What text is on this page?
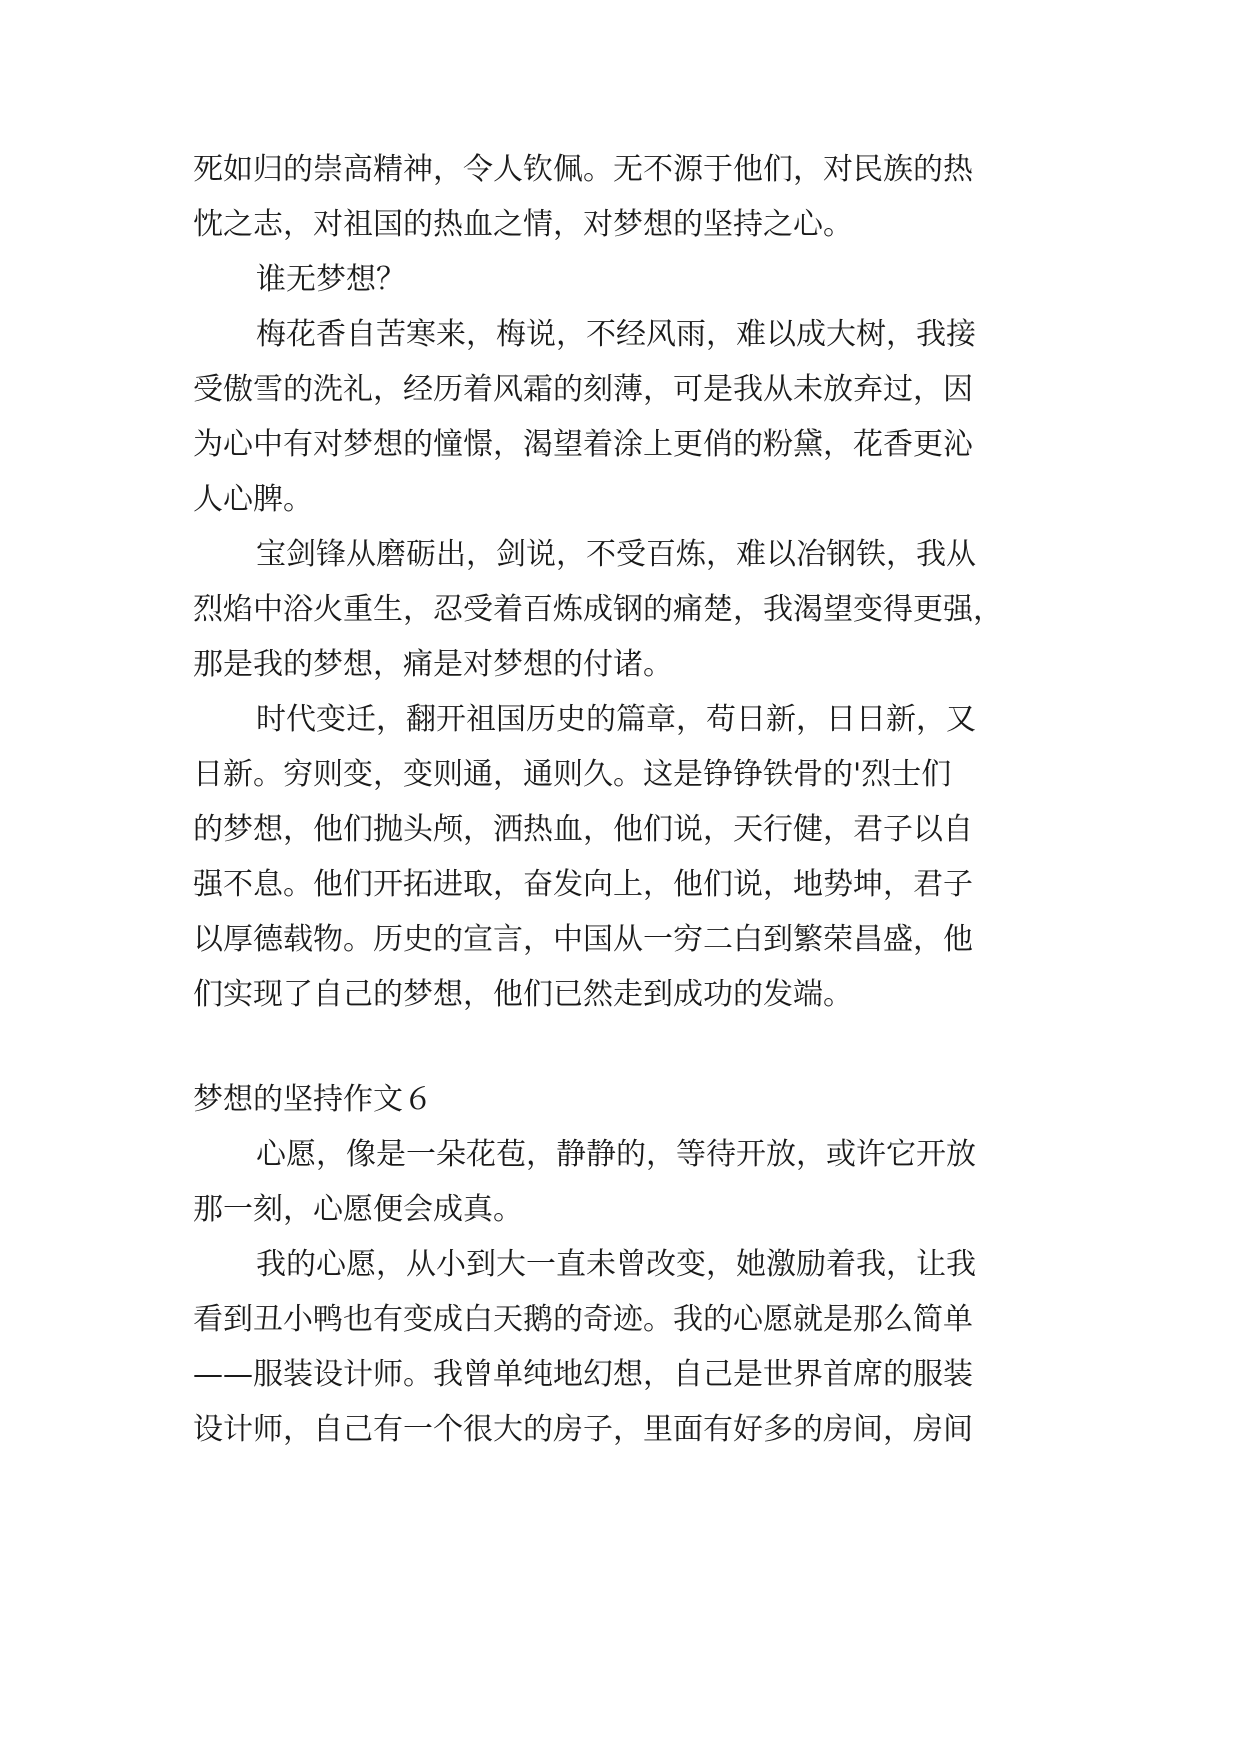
死如归的崇高精神，令人钦佩。无不源于他们，对民族的热

忱之志，对祖国的热血之情，对梦想的坚持之心。

谁无梦想？

梅花香自苦寒来，梅说，不经风雨，难以成大树，我接

受傲雪的洗礼，经历着风霜的刻薄，可是我从未放弃过，因

为心中有对梦想的憧憬，渴望着涂上更俏的粉黛，花香更沁

人心脾。

宝剑锋从磨砺出，剑说，不受百炼，难以冶钢铁，我从

烈焰中浴火重生，忍受着百炼成钢的痛楚，我渴望变得更强，

那是我的梦想，痛是对梦想的付诸。

时代变迁，翻开祖国历史的篇章，苟日新，日日新，又

日新。穷则变，变则通，通则久。这是铮铮铁骨的'烈士们

的梦想，他们抛头颅，洒热血，他们说，天行健，君子以自

强不息。他们开拓进取，奋发向上，他们说，地势坤，君子

以厚德载物。历史的宣言，中国从一穷二白到繁荣昌盛，他

们实现了自己的梦想，他们已然走到成功的发端。

梦想的坚持作文６

心愿，像是一朵花苞，静静的，等待开放，或许它开放

那一刻，心愿便会成真。

我的心愿，从小到大一直未曾改变，她激励着我，让我

看到丑小鸭也有变成白天鹅的奇迹。我的心愿就是那么简单

——服装设计师。我曾单纯地幻想，自己是世界首席的服装

设计师，自己有一个很大的房子，里面有好多的房间，房间
